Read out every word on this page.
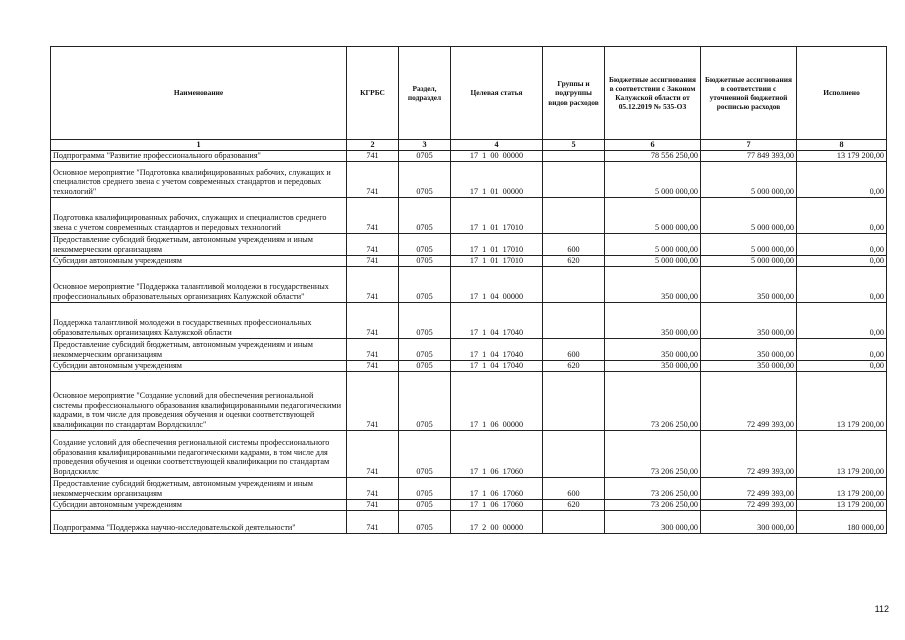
Наименование	КГРБС	Раздел, подраздел	Целевая статья	Группы и подгруппы видов расходов	Бюджетные ассигнования в соответствии с Законом Калужской области от 05.12.2019 № 535-ОЗ	Бюджетные ассигнования в соответствии с уточненной бюджетной росписью расходов	Исполнено
1	2	3	4	5	6	7	8
Подпрограмма "Развитие профессионального образования"	741	0705	17  1  00  00000		78 556 250,00	77 849 393,00	13 179 200,00
Основное мероприятие "Подготовка квалифицированных рабочих, служащих и специалистов среднего звена с учетом современных стандартов и передовых технологий"	741	0705	17  1  01  00000		5 000 000,00	5 000 000,00	0,00
Подготовка квалифицированных рабочих, служащих и специалистов среднего звена с учетом современных стандартов и передовых технологий	741	0705	17  1  01  17010		5 000 000,00	5 000 000,00	0,00
Предоставление субсидий бюджетным, автономным учреждениям и иным некоммерческим организациям	741	0705	17  1  01  17010	600	5 000 000,00	5 000 000,00	0,00
Субсидии автономным учреждениям	741	0705	17  1  01  17010	620	5 000 000,00	5 000 000,00	0,00
Основное мероприятие "Поддержка талантливой молодежи в государственных профессиональных образовательных организациях Калужской области"	741	0705	17  1  04  00000		350 000,00	350 000,00	0,00
Поддержка талантливой молодежи в государственных профессиональных образовательных организациях Калужской области	741	0705	17  1  04  17040		350 000,00	350 000,00	0,00
Предоставление субсидий бюджетным, автономным учреждениям и иным некоммерческим организациям	741	0705	17  1  04  17040	600	350 000,00	350 000,00	0,00
Субсидии автономным учреждениям	741	0705	17  1  04  17040	620	350 000,00	350 000,00	0,00
Основное мероприятие "Создание условий для обеспечения региональной системы профессионального образования квалифицированными педагогическими кадрами, в том числе для проведения обучения и оценки соответствующей квалификации по стандартам Ворлдскиллс"	741	0705	17  1  06  00000		73 206 250,00	72 499 393,00	13 179 200,00
Создание условий для обеспечения региональной системы профессионального образования квалифицированными педагогическими кадрами, в том числе для проведения обучения и оценки соответствующей квалификации по стандартам Ворлдскиллс	741	0705	17  1  06  17060		73 206 250,00	72 499 393,00	13 179 200,00
Предоставление субсидий бюджетным, автономным учреждениям и иным некоммерческим организациям	741	0705	17  1  06  17060	600	73 206 250,00	72 499 393,00	13 179 200,00
Субсидии автономным учреждениям	741	0705	17  1  06  17060	620	73 206 250,00	72 499 393,00	13 179 200,00
Подпрограмма "Поддержка научно-исследовательской деятельности"	741	0705	17  2  00  00000		300 000,00	300 000,00	180 000,00
112
